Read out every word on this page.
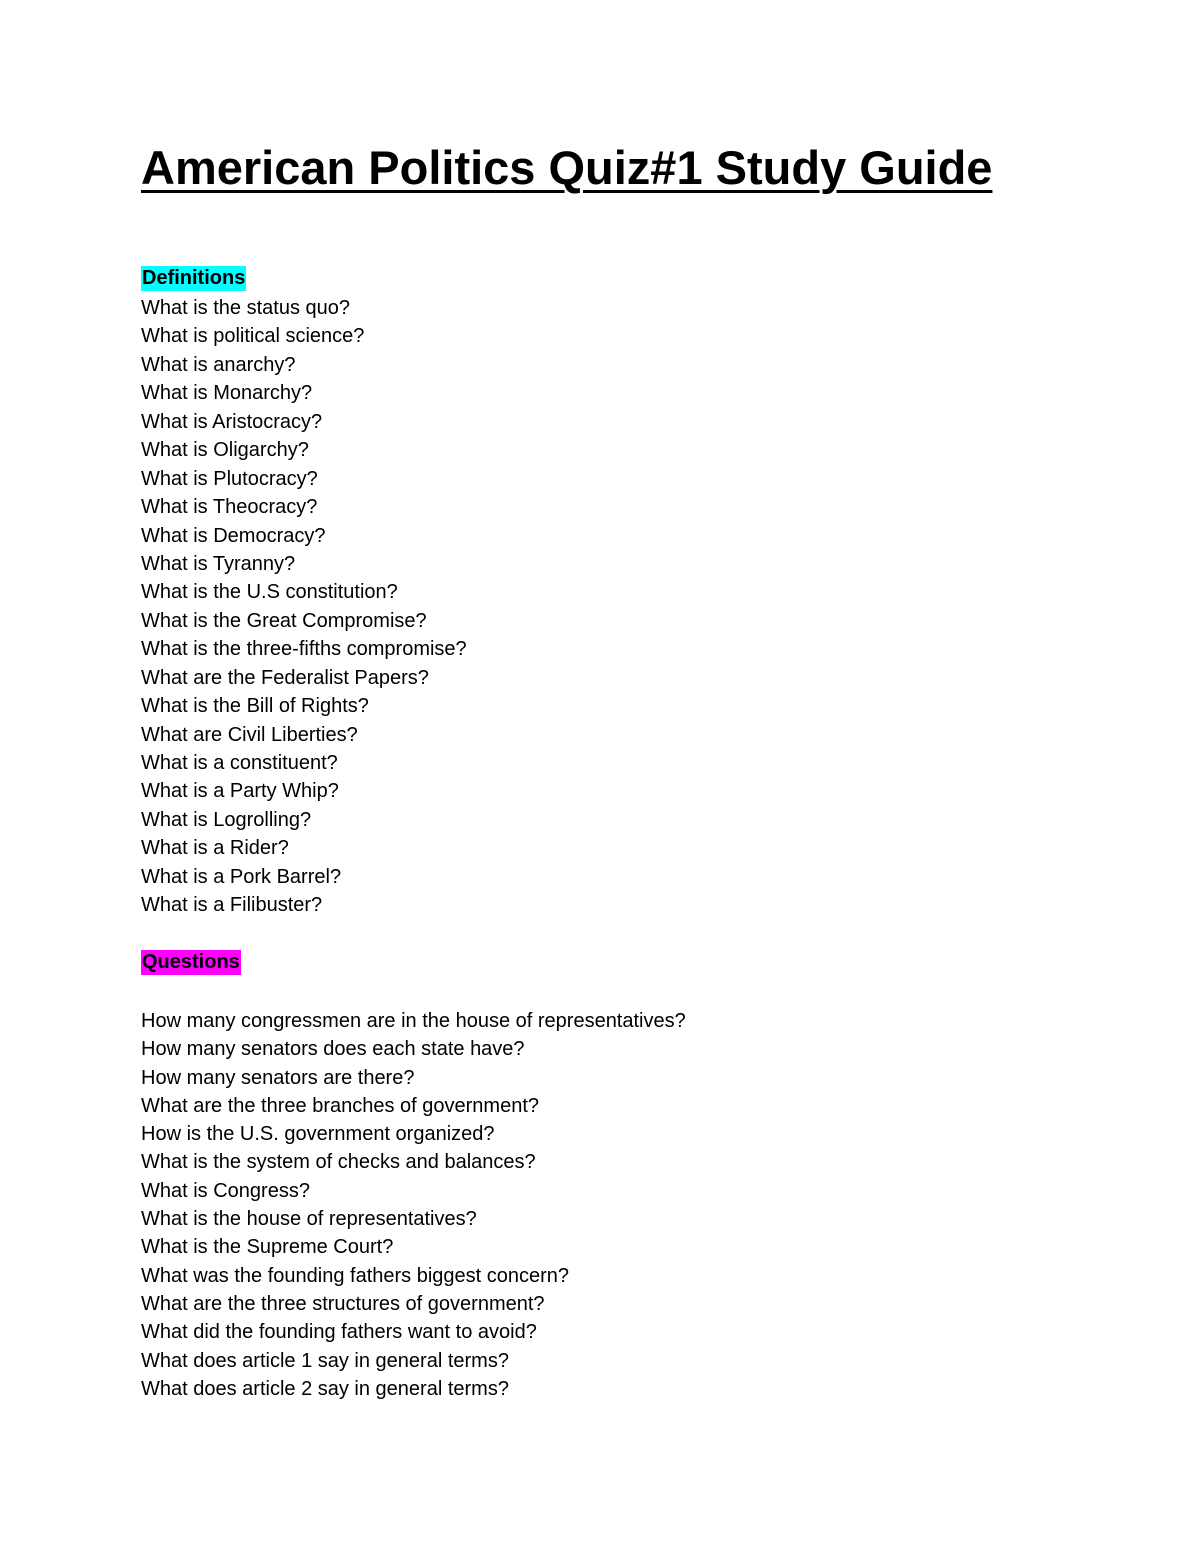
American Politics Quiz#1 Study Guide
Definitions
What is the status quo?
What is political science?
What is anarchy?
What is Monarchy?
What is Aristocracy?
What is Oligarchy?
What is Plutocracy?
What is Theocracy?
What is Democracy?
What is Tyranny?
What is the U.S constitution?
What is the Great Compromise?
What is the three-fifths compromise?
What are the Federalist Papers?
What is the Bill of Rights?
What are Civil Liberties?
What is a constituent?
What is a Party Whip?
What is Logrolling?
What is a Rider?
What is a Pork Barrel?
What is a Filibuster?
Questions
How many congressmen are in the house of representatives?
How many senators does each state have?
How many senators are there?
What are the three branches of government?
How is the U.S. government organized?
What is the system of checks and balances?
What is Congress?
What is the house of representatives?
What is the Supreme Court?
What was the founding fathers biggest concern?
What are the three structures of government?
What did the founding fathers want to avoid?
What does article 1 say in general terms?
What does article 2 say in general terms?
